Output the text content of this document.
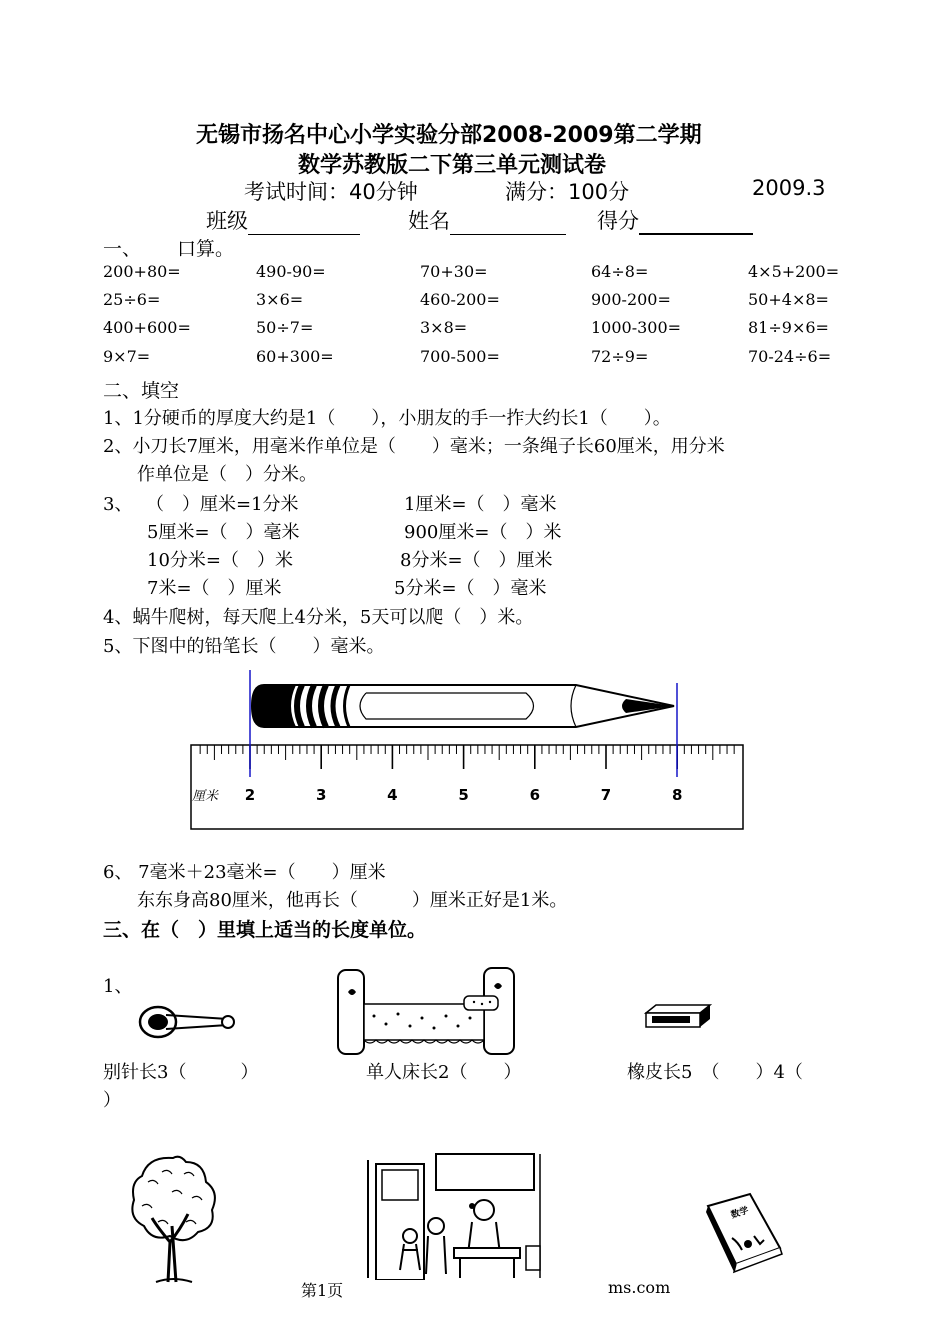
无锡市扬名中心小学实验分部2008-2009第二学期
数学苏教版二下第三单元测试卷
考试时间：40分钟	满分：100分	2009.3
班级	姓名	得分
一、 口算。
200+80=	490-90=	70+30=	64÷8=	4×5+200=
25÷6=	3×6=	460-200=	900-200=	50+4×8=
400+600=	50÷7=	3×8=	1000-300=	81÷9×6=
9×7=	60+300=	700-500=	72÷9=	70-24÷6=
二、填空
1、1分硬币的厚度大约是1（　　），小朋友的手一拃大约长1（　　）。
2、小刀长7厘米，用毫米作单位是（　　）毫米；一条绳子长60厘米，用分米
作单位是（　）分米。
3、 （　）厘米=1分米	1厘米=（　）毫米
5厘米=（　）毫米	900厘米=（　）米
10分米=（　）米	8分米=（　）厘米
7米=（　）厘米	5分米=（　）毫米
4、蜗牛爬树，每天爬上4分米，5天可以爬（　）米。
5、下图中的铅笔长（　　）毫米。
厘米 2	3	4	5	6	7	8
6、 7毫米＋23毫米=（　　）厘米
东东身高80厘米，他再长（　　　）厘米正好是1米。
三、在（　）里填上适当的长度单位。
1、
别针长3（　　　）	单人床长2（　　）	橡皮长5　（　　）4（
）
数学
第1页	ms.com
